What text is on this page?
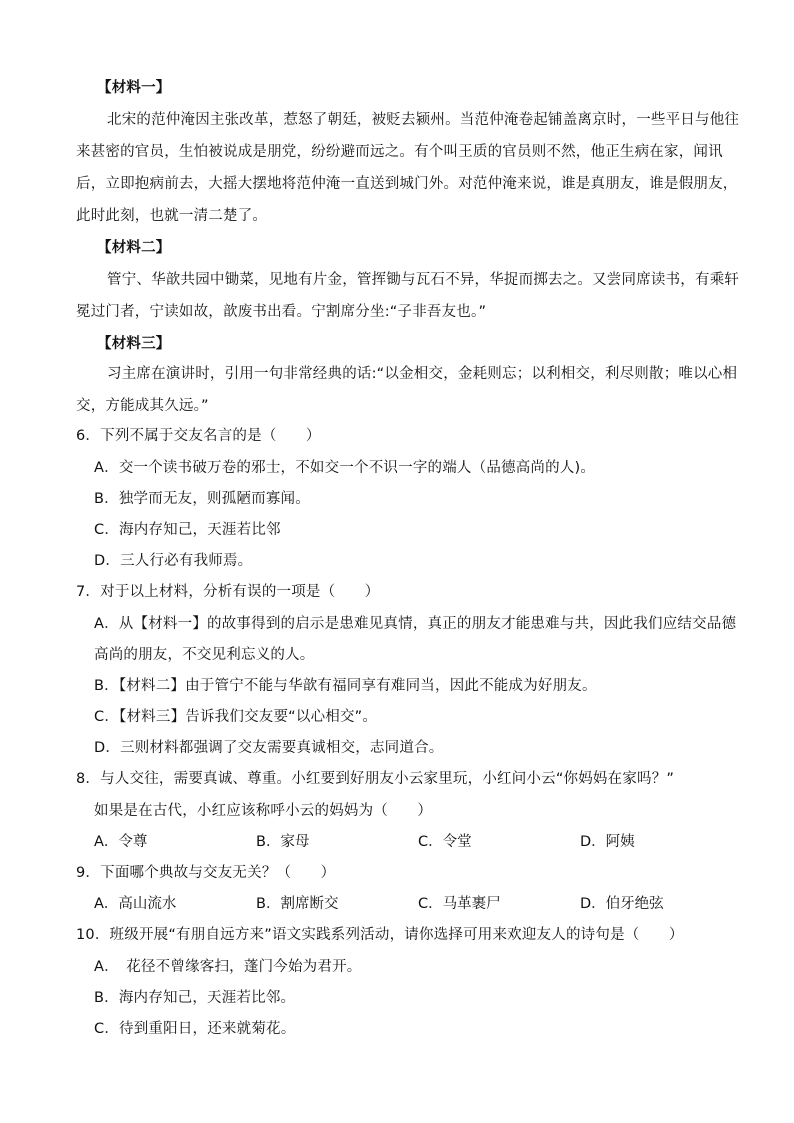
【材料一】
北宋的范仲淹因主张改革，惹怒了朝廷，被贬去颍州。当范仲淹卷起铺盖离京时，一些平日与他往
来甚密的官员，生怕被说成是朋党，纷纷避而远之。有个叫王质的官员则不然，他正生病在家，闻讯
后，立即抱病前去，大摇大摆地将范仲淹一直送到城门外。对范仲淹来说，谁是真朋友，谁是假朋友，
此时此刻，也就一清二楚了。
【材料二】
管宁、华歆共园中锄菜，见地有片金，管挥锄与瓦石不异，华捉而掷去之。又尝同席读书，有乘轩
冕过门者，宁读如故，歆废书出看。宁割席分坐:“子非吾友也。”
【材料三】
习主席在演讲时，引用一句非常经典的话:“以金相交，金耗则忘；以利相交，利尽则散；唯以心相
交，方能成其久远。”
6．下列不属于交友名言的是（　　）
A．交一个读书破万卷的邪士，不如交一个不识一字的端人（品德高尚的人)。
B．独学而无友，则孤陋而寡闻。
C．海内存知己，天涯若比邻
D．三人行必有我师焉。
7．对于以上材料，分析有误的一项是（　　）
A．从【材料一】的故事得到的启示是患难见真情，真正的朋友才能患难与共，因此我们应结交品德
高尚的朋友，不交见利忘义的人。
B．【材料二】由于管宁不能与华歆有福同享有难同当，因此不能成为好朋友。
C．【材料三】告诉我们交友要“以心相交”。
D．三则材料都强调了交友需要真诚相交，志同道合。
8．与人交往，需要真诚、尊重。小红要到好朋友小云家里玩，小红问小云“你妈妈在家吗？”
如果是在古代，小红应该称呼小云的妈妈为（　　）
A．令尊	B．家母	C．令堂	D．阿姨
9．下面哪个典故与交友无关？（　　）
A．高山流水	B．割席断交	C．马革裹尸	D．伯牙绝弦
10．班级开展“有朋自远方来”语文实践系列活动，请你选择可用来欢迎友人的诗句是（　　）
A．　花径不曾缘客扫，蓬门今始为君开。
B．海内存知己，天涯若比邻。
C．待到重阳日，还来就菊花。
